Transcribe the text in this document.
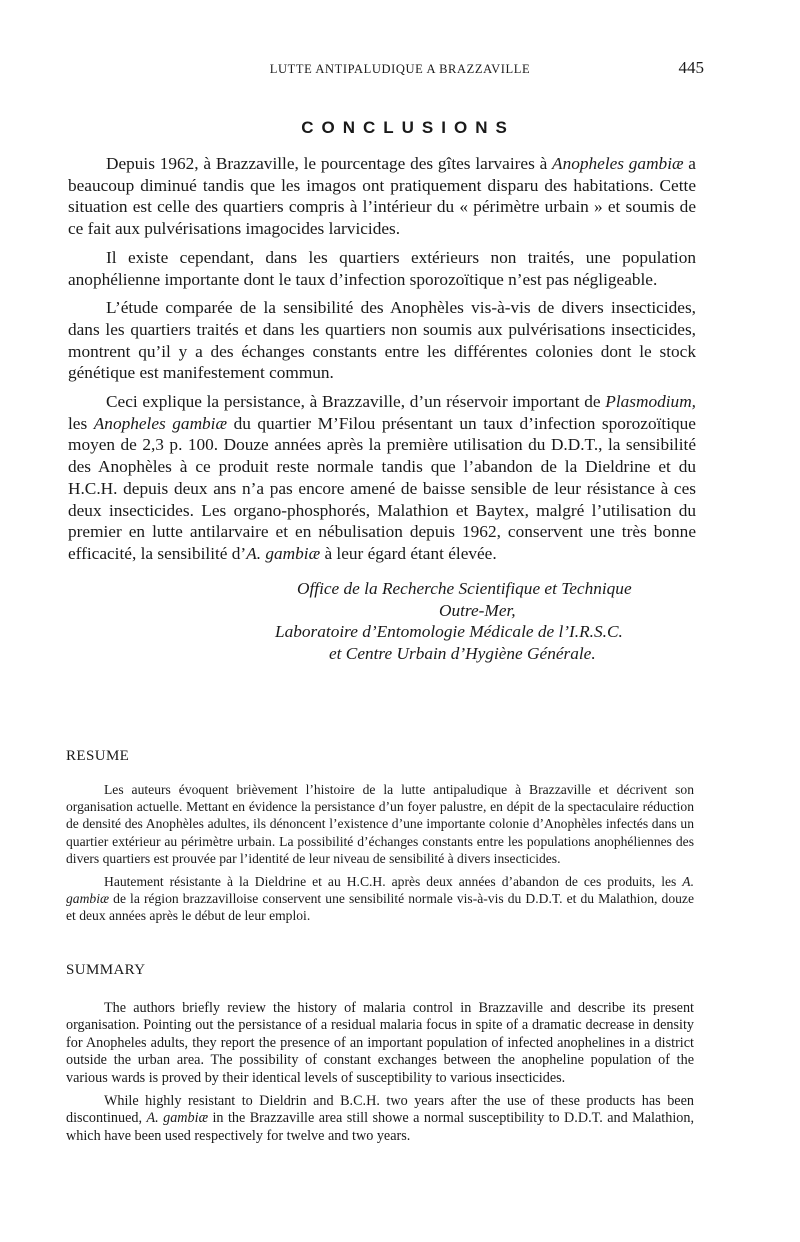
LUTTE ANTIPALUDIQUE A BRAZZAVILLE	445
CONCLUSIONS

Depuis 1962, à Brazzaville, le pourcentage des gîtes larvaires à Anopheles gambiæ a beaucoup diminué tandis que les imagos ont pratiquement disparu des habitations. Cette situation est celle des quartiers compris à l’intérieur du « périmètre urbain » et soumis de ce fait aux pulvérisations imagocides larvicides.

Il existe cependant, dans les quartiers extérieurs non traités, une population anophélienne importante dont le taux d’infection sporozoïtique n’est pas négligeable.

L’étude comparée de la sensibilité des Anophèles vis-à-vis de divers insecticides, dans les quartiers traités et dans les quartiers non soumis aux pulvérisations insecticides, montrent qu’il y a des échanges constants entre les différentes colonies dont le stock génétique est manifestement commun.

Ceci explique la persistance, à Brazzaville, d’un réservoir important de Plasmodium, les Anopheles gambiæ du quartier M’Filou présentant un taux d’infection sporozoïtique moyen de 2,3 p. 100. Douze années après la première utilisation du D.D.T., la sensibilité des Anophèles à ce produit reste normale tandis que l’abandon de la Dieldrine et du H.C.H. depuis deux ans n’a pas encore amené de baisse sensible de leur résistance à ces deux insecticides. Les organo-phosphorés, Malathion et Baytex, malgré l’utilisation du premier en lutte antilarvaire et en nébulisation depuis 1962, conservent une très bonne efficacité, la sensibilité d’A. gambiæ à leur égard étant élevée.

Office de la Recherche Scientifique et Technique
Outre-Mer,
Laboratoire d’Entomologie Médicale de l’I.R.S.C.
et Centre Urbain d’Hygiène Générale.
RESUME

Les auteurs évoquent brièvement l’histoire de la lutte antipaludique à Brazzaville et décrivent son organisation actuelle. Mettant en évidence la persistance d’un foyer palustre, en dépit de la spectaculaire réduction de densité des Anophèles adultes, ils dénoncent l’existence d’une importante colonie d’Anophèles infectés dans un quartier extérieur au périmètre urbain. La possibilité d’échanges constants entre les populations anophéliennes des divers quartiers est prouvée par l’identité de leur niveau de sensibilité à divers insecticides.

Hautement résistante à la Dieldrine et au H.C.H. après deux années d’abandon de ces produits, les A. gambiæ de la région brazzavilloise conservent une sensibilité normale vis-à-vis du D.D.T. et du Malathion, douze et deux années après le début de leur emploi.

SUMMARY

The authors briefly review the history of malaria control in Brazzaville and describe its present organisation. Pointing out the persistance of a residual malaria focus in spite of a dramatic decrease in density for Anopheles adults, they report the presence of an important population of infected anophelines in a district outside the urban area. The possibility of constant exchanges between the anopheline population of the various wards is proved by their identical levels of susceptibility to various insecticides.

While highly resistant to Dieldrin and B.C.H. two years after the use of these products has been discontinued, A. gambiæ in the Brazzaville area still showe a normal susceptibility to D.D.T. and Malathion, which have been used respectively for twelve and two years.
